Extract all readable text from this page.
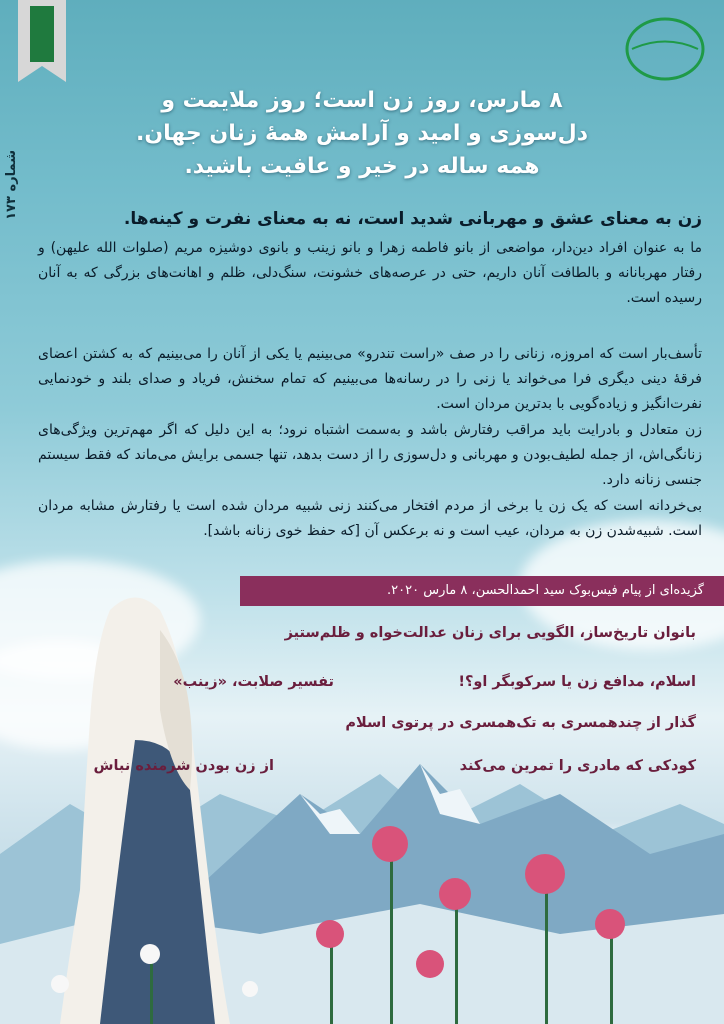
شماره ۱۷۳
۸ مارس، روز زن است؛ روز ملایمت و
دل‌سوزی و امید و آرامش همهٔ زنان جهان.
همه ساله در خیر و عافیت باشید.
زن به معنای عشق و مهربانی شدید است، نه به معنای نفرت و کینه‌ها.
ما به عنوان افراد دین‌دار، مواضعی از بانو فاطمه زهرا و بانو زینب و بانوی دوشیزه مریم (صلوات الله علیهن) و رفتار مهربانانه و بالطافت آنان داریم، حتی در عرصه‌های خشونت، سنگ‌دلی، ظلم و اهانت‌های بزرگی که به آنان رسیده است.
تأسف‌بار است که امروزه، زنانی را در صف «راست تندرو» می‌بینیم یا یکی از آنان را می‌بینیم که به کشتن اعضای فرقهٔ دینی دیگری فرا می‌خواند یا زنی را در رسانه‌ها می‌بینیم که تمام سخنش، فریاد و صدای بلند و خودنمایی نفرت‌انگیز و زیاده‌گویی با بدترین مردان است.
زن متعادل و بادرایت باید مراقب رفتارش باشد و به‌سمت اشتباه نرود؛ به این دلیل که اگر مهم‌ترین ویژگی‌های زنانگی‌اش، از جمله لطیف‌بودن و مهربانی و دل‌سوزی را از دست بدهد، تنها جسمی برایش می‌ماند که فقط سیستم جنسی زنانه دارد.
بی‌خردانه است که یک زن یا برخی از مردم افتخار می‌کنند زنی شبیه مردان شده است یا رفتارش مشابه مردان است. شبیه‌شدن زن به مردان، عیب است و نه برعکس آن [که حفظ خوی زنانه باشد].
گزیده‌ای از پیام فیس‌بوک سید احمدالحسن، ۸ مارس ۲۰۲۰.
بانوان تاریخ‌ساز، الگویی برای زنان عدالت‌خواه و ظلم‌ستیز
اسلام، مدافع زن یا سرکوبگر او؟!
تفسیر صلابت، «زینب»
گذار از چندهمسری به تک‌همسری در پرتوی اسلام
کودکی که مادری را تمرین می‌کند
از زن بودن شرمنده نباش
